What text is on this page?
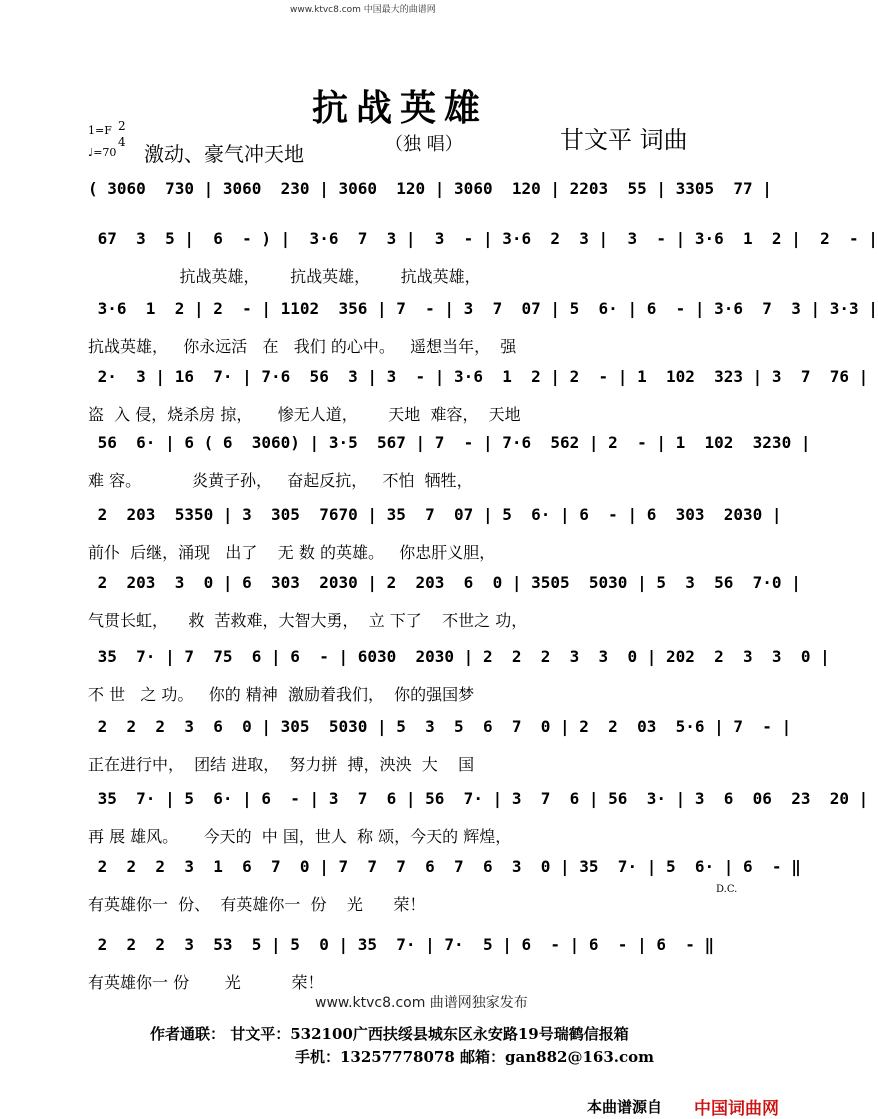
www.ktvc8.com 中国最大的曲谱网
抗战英雄
（独 唱）	甘文平 词曲
1=F 2
4
♩=70 激动、豪气冲天地
( 3060  730 | 3060  230 | 3060  120 | 3060  120 | 2203  55 | 3305  77 |
67  3  5 |  6  - ) |  3·6  7  3 |  3  - | 3·6  2  3 |  3  - | 3·6  1  2 |  2  - |
抗战英雄，      抗战英雄，      抗战英雄，
3·6  1  2 | 2  - | 1102  356 | 7  - | 3  7  07 | 5  6· | 6  - | 3·6  7  3 | 3·3 |
抗战英雄，   你永远活   在   我们 的心中。   遥想当年，  强
2·  3 | 16  7· | 7·6  56  3 | 3  - | 3·6  1  2 | 2  - | 1  102  323 | 3  7  76 |
盗  入 侵，烧杀房 掠，     惨无人道，      天地  难容，  天地
56  6· | 6 ( 6  3060) | 3·5  567 | 7  - | 7·6  562 | 2  - | 1  102  3230 |
难 容。          炎黄子孙，   奋起反抗，   不怕  牺牲，
2  203  5350 | 3  305  7670 | 35  7  07 | 5  6· | 6  - | 6  303  2030 |
前仆  后继，涌现   出了    无 数 的英雄。   你忠肝义胆，
2  203  3  0 | 6  303  2030 | 2  203  6  0 | 3505  5030 | 5  3  56  7·0 |
气贯长虹，    救  苦救难，大智大勇，  立 下了    不世之 功，
35  7· | 7  75  6 | 6  - | 6030  2030 | 2  2  2  3  3  0 | 202  2  3  3  0 |
不 世   之 功。   你的 精神  激励着我们，  你的强国梦
2  2  2  3  6  0 | 305  5030 | 5  3  5  6  7  0 | 2  2  03  5·6 | 7  - |
正在进行中，  团结 进取，  努力拼  搏，泱泱  大    国
35  7· | 5  6· | 6  - | 3  7  6 | 56  7· | 3  7  6 | 56  3· | 3  6  06  23  20 |
再 展 雄风。     今天的  中 国，世人  称 颂，今天的 辉煌，
2  2  2  3  1  6  7  0 | 7  7  7  6  7  6  3  0 | 35  7· | 5  6· | 6  - ‖
有英雄你一  份、  有英雄你一  份    光      荣！
D.C.
2  2  2  3  53  5 | 5  0 | 35  7· | 7·  5 | 6  - | 6  - | 6  - ‖
有英雄你一 份       光          荣！
www.ktvc8.com 曲谱网独家发布
作者通联： 甘文平：532100广西扶绥县城东区永安路19号瑞鹤信报箱
手机：13257778078 邮箱：gan882@163.com
本曲谱源自 中国词曲网
